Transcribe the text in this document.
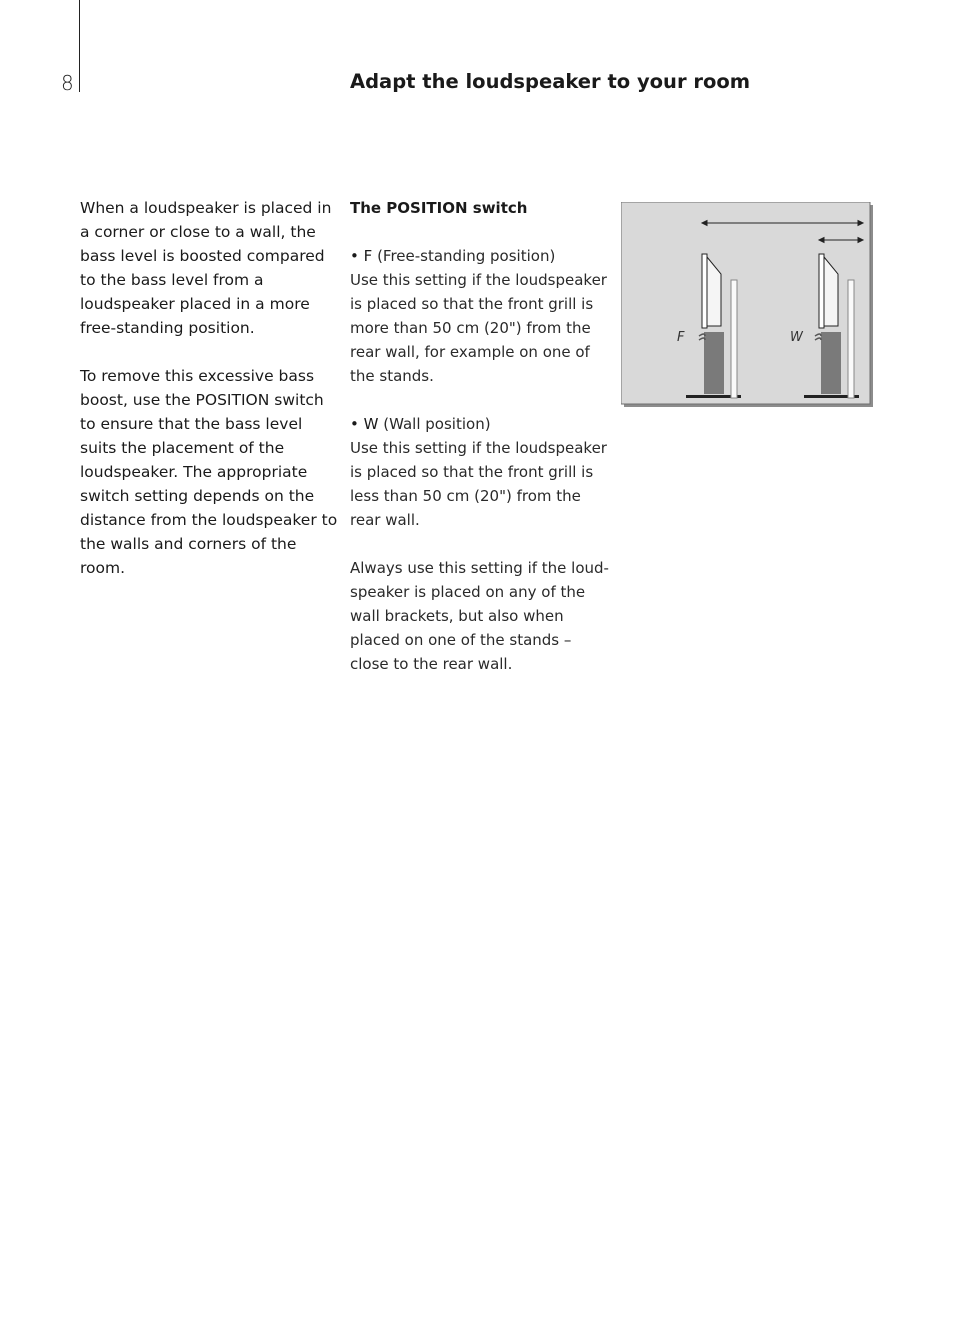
8	Adapt the loudspeaker to your room

When a loudspeaker is placed in a corner or close to a wall, the bass level is boosted compared to the bass level from a loudspeaker placed in a more free-standing position.

To remove this excessive bass boost, use the POSITION switch to ensure that the bass level suits the placement of the loudspeaker. The appropriate switch setting depends on the distance from the loudspeaker to the walls and corners of the room.

The POSITION switch

• F (Free-standing position)
Use this setting if the loudspeaker is placed so that the front grill is more than 50 cm (20") from the rear wall, for example on one of the stands.

• W (Wall position)
Use this setting if the loudspeaker is placed so that the front grill is less than 50 cm (20") from the rear wall.

Always use this setting if the loud-speaker is placed on any of the wall brackets, but also when placed on one of the stands – close to the rear wall.

F	W
